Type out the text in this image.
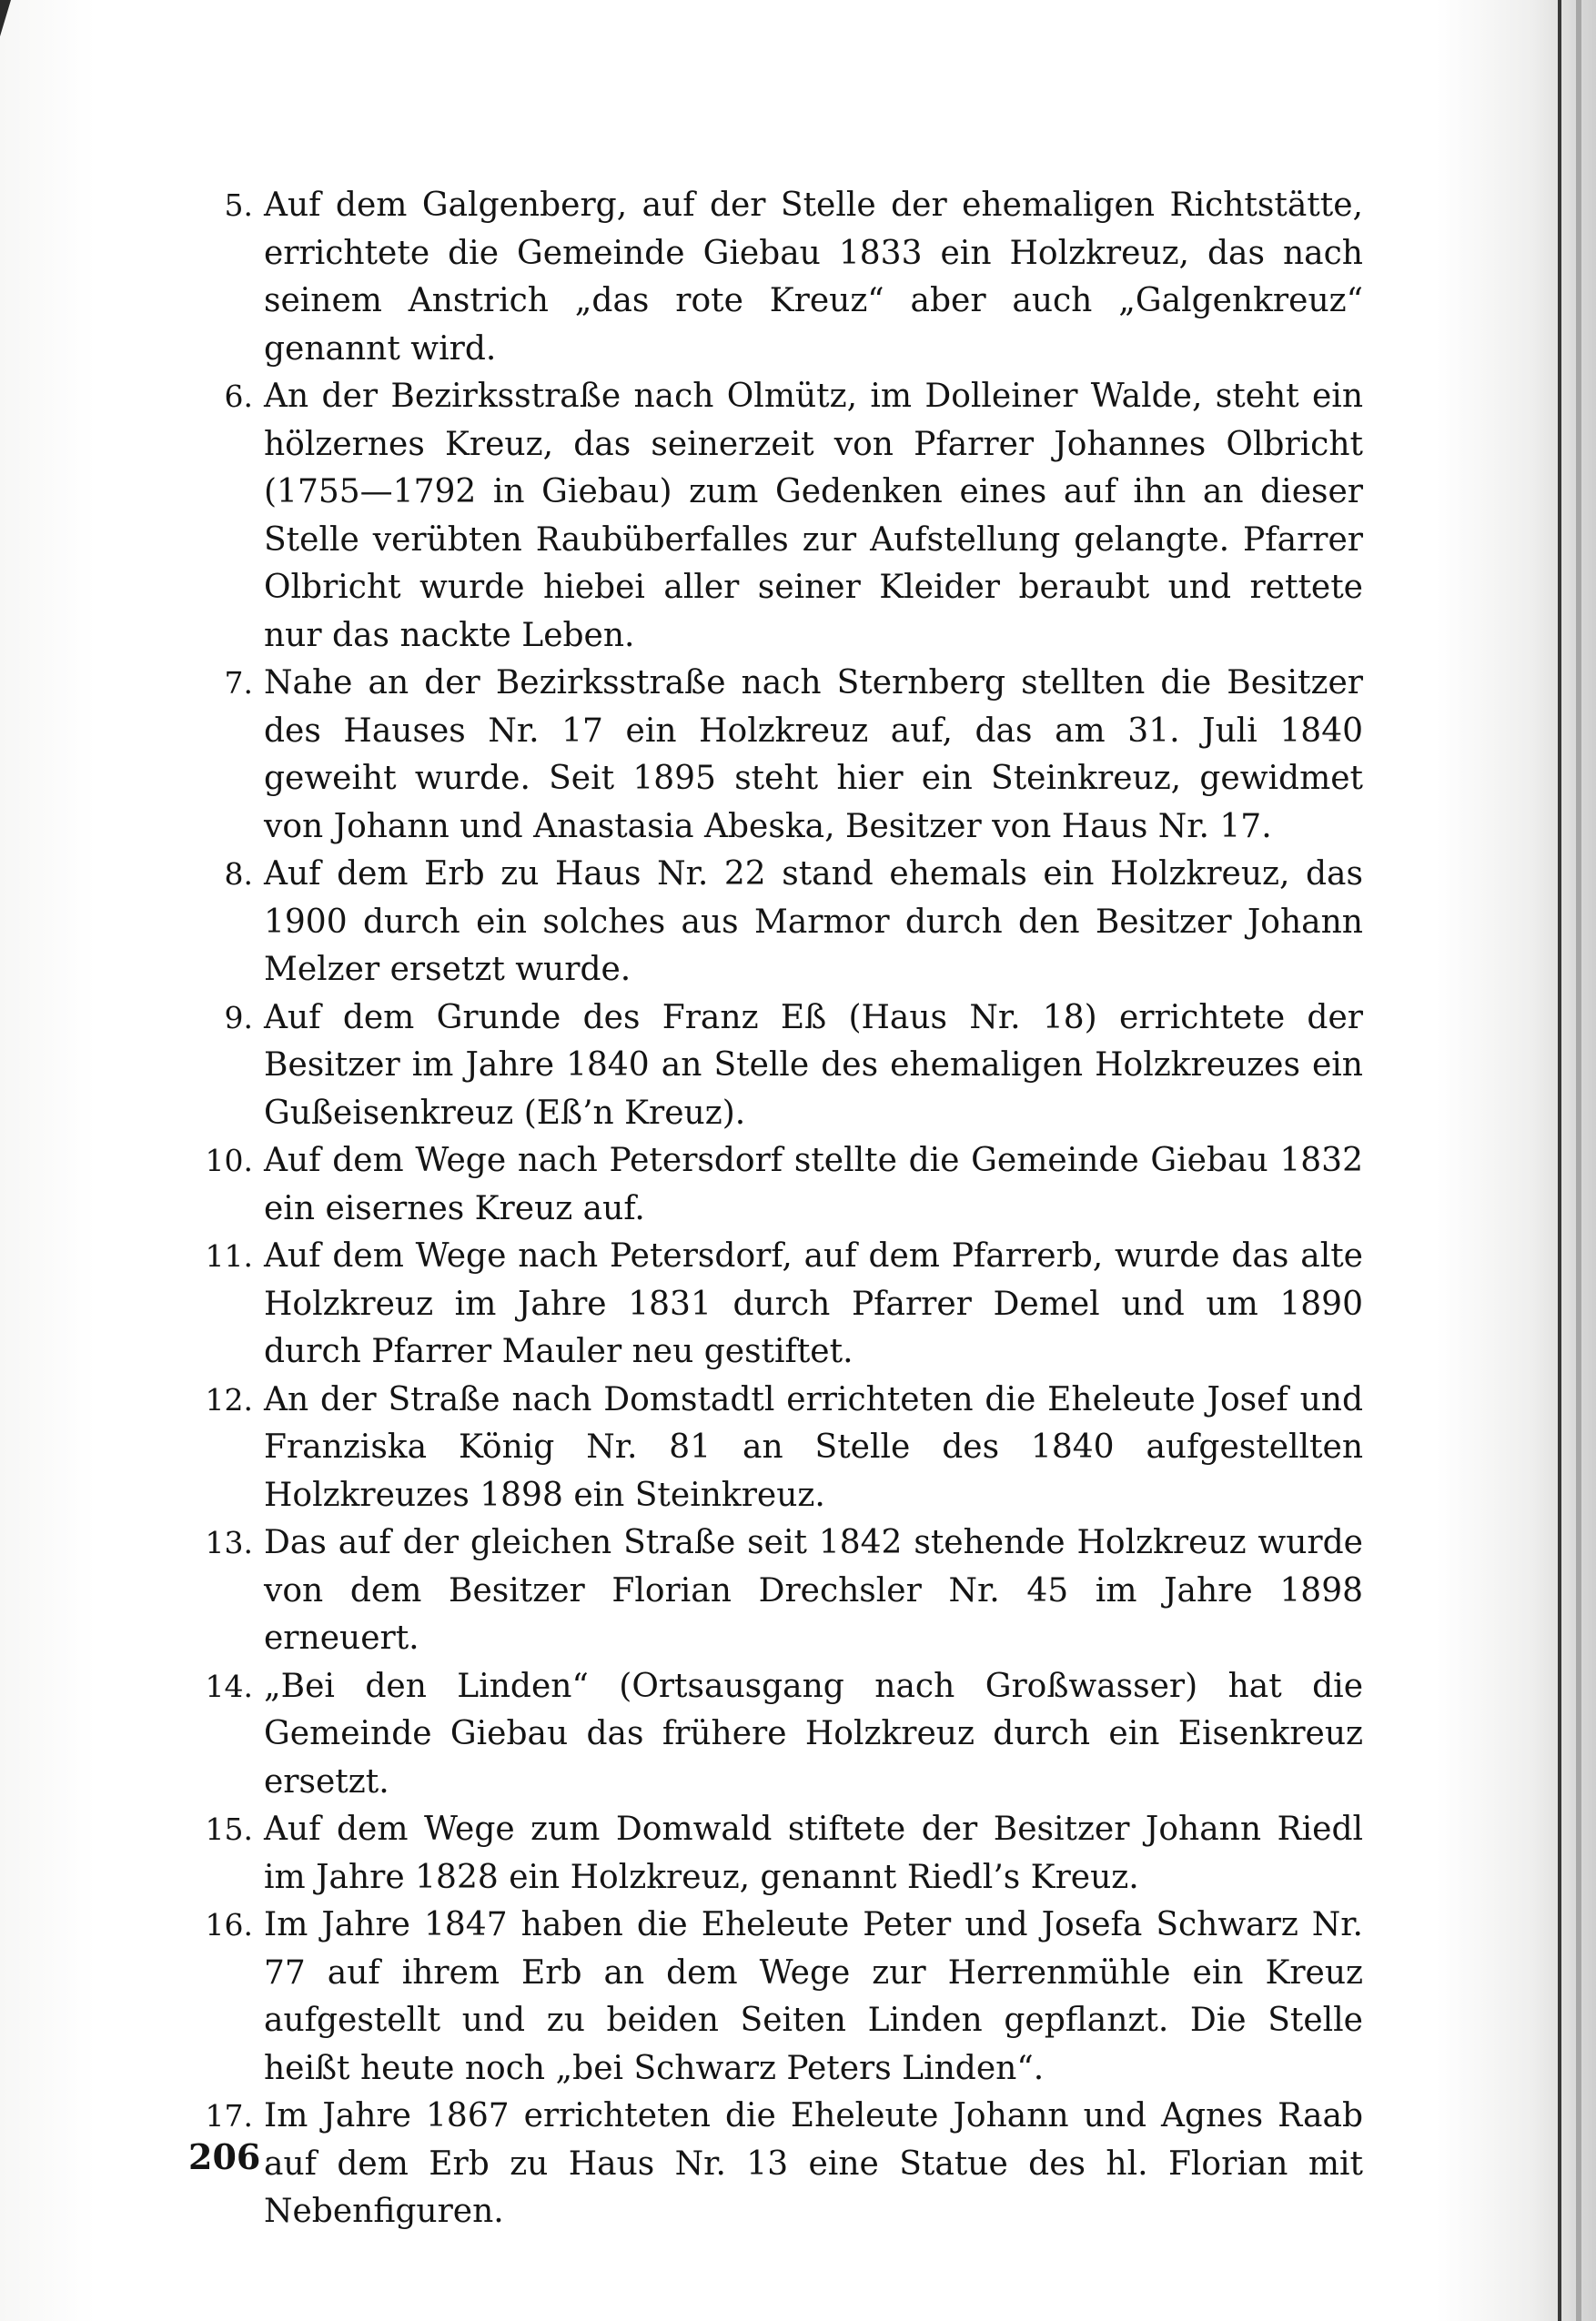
5. Auf dem Galgenberg, auf der Stelle der ehemaligen Richtstätte, errichtete die Gemeinde Giebau 1833 ein Holzkreuz, das nach seinem Anstrich „das rote Kreuz“ aber auch „Galgenkreuz“ genannt wird.
6. An der Bezirksstraße nach Olmütz, im Dolleiner Walde, steht ein hölzernes Kreuz, das seinerzeit von Pfarrer Johannes Olbricht (1755—1792 in Giebau) zum Gedenken eines auf ihn an dieser Stelle verübten Raubüberfalles zur Aufstellung gelangte. Pfarrer Olbricht wurde hiebei aller seiner Kleider beraubt und rettete nur das nackte Leben.
7. Nahe an der Bezirksstraße nach Sternberg stellten die Besitzer des Hauses Nr. 17 ein Holzkreuz auf, das am 31. Juli 1840 geweiht wurde. Seit 1895 steht hier ein Steinkreuz, gewidmet von Johann und Anastasia Abeska, Besitzer von Haus Nr. 17.
8. Auf dem Erb zu Haus Nr. 22 stand ehemals ein Holzkreuz, das 1900 durch ein solches aus Marmor durch den Besitzer Johann Melzer ersetzt wurde.
9. Auf dem Grunde des Franz Eß (Haus Nr. 18) errichtete der Besitzer im Jahre 1840 an Stelle des ehemaligen Holzkreuzes ein Gußeisenkreuz (Eß’n Kreuz).
10. Auf dem Wege nach Petersdorf stellte die Gemeinde Giebau 1832 ein eisernes Kreuz auf.
11. Auf dem Wege nach Petersdorf, auf dem Pfarrerb, wurde das alte Holzkreuz im Jahre 1831 durch Pfarrer Demel und um 1890 durch Pfarrer Mauler neu gestiftet.
12. An der Straße nach Domstadtl errichteten die Eheleute Josef und Franziska König Nr. 81 an Stelle des 1840 aufgestellten Holzkreuzes 1898 ein Steinkreuz.
13. Das auf der gleichen Straße seit 1842 stehende Holzkreuz wurde von dem Besitzer Florian Drechsler Nr. 45 im Jahre 1898 erneuert.
14. „Bei den Linden“ (Ortsausgang nach Großwasser) hat die Gemeinde Giebau das frühere Holzkreuz durch ein Eisenkreuz ersetzt.
15. Auf dem Wege zum Domwald stiftete der Besitzer Johann Riedl im Jahre 1828 ein Holzkreuz, genannt Riedl’s Kreuz.
16. Im Jahre 1847 haben die Eheleute Peter und Josefa Schwarz Nr. 77 auf ihrem Erb an dem Wege zur Herrenmühle ein Kreuz aufgestellt und zu beiden Seiten Linden gepflanzt. Die Stelle heißt heute noch „bei Schwarz Peters Linden“.
17. Im Jahre 1867 errichteten die Eheleute Johann und Agnes Raab auf dem Erb zu Haus Nr. 13 eine Statue des hl. Florian mit Nebenfiguren.
206
